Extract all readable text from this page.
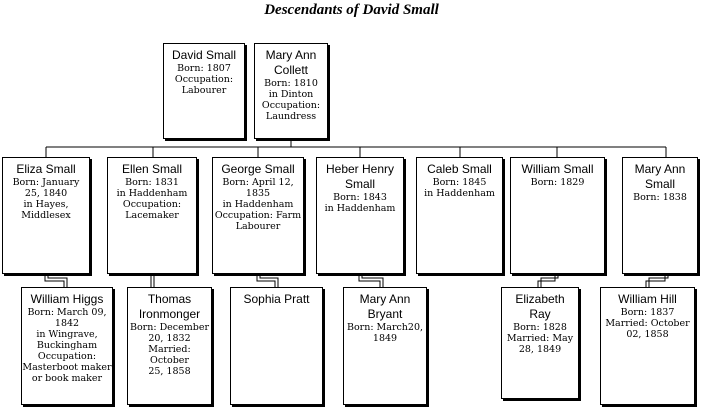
Descendants of David Small
David Small
Born: 1807
Occupation:
Labourer
Mary Ann
Collett
Born: 1810
in Dinton
Occupation:
Laundress
Eliza Small
Born: January
25, 1840
in Hayes,
Middlesex
Ellen Small
Born: 1831
in Haddenham
Occupation:
Lacemaker
George Small
Born: April 12,
1835
in Haddenham
Occupation: Farm
Labourer
Heber Henry
Small
Born: 1843
in Haddenham
Caleb Small
Born: 1845
in Haddenham
William Small
Born: 1829
Mary Ann
Small
Born: 1838
William Higgs
Born: March 09,
1842
in Wingrave,
Buckingham
Occupation:
Masterboot maker
or book maker
Thomas
Ironmonger
Born: December
20, 1832
Married: October
25, 1858
Sophia Pratt	Mary Ann
Bryant
Born: March20,
1849
Elizabeth
Ray
Born: 1828
Married: May
28, 1849
William Hill
Born: 1837
Married: October
02, 1858
